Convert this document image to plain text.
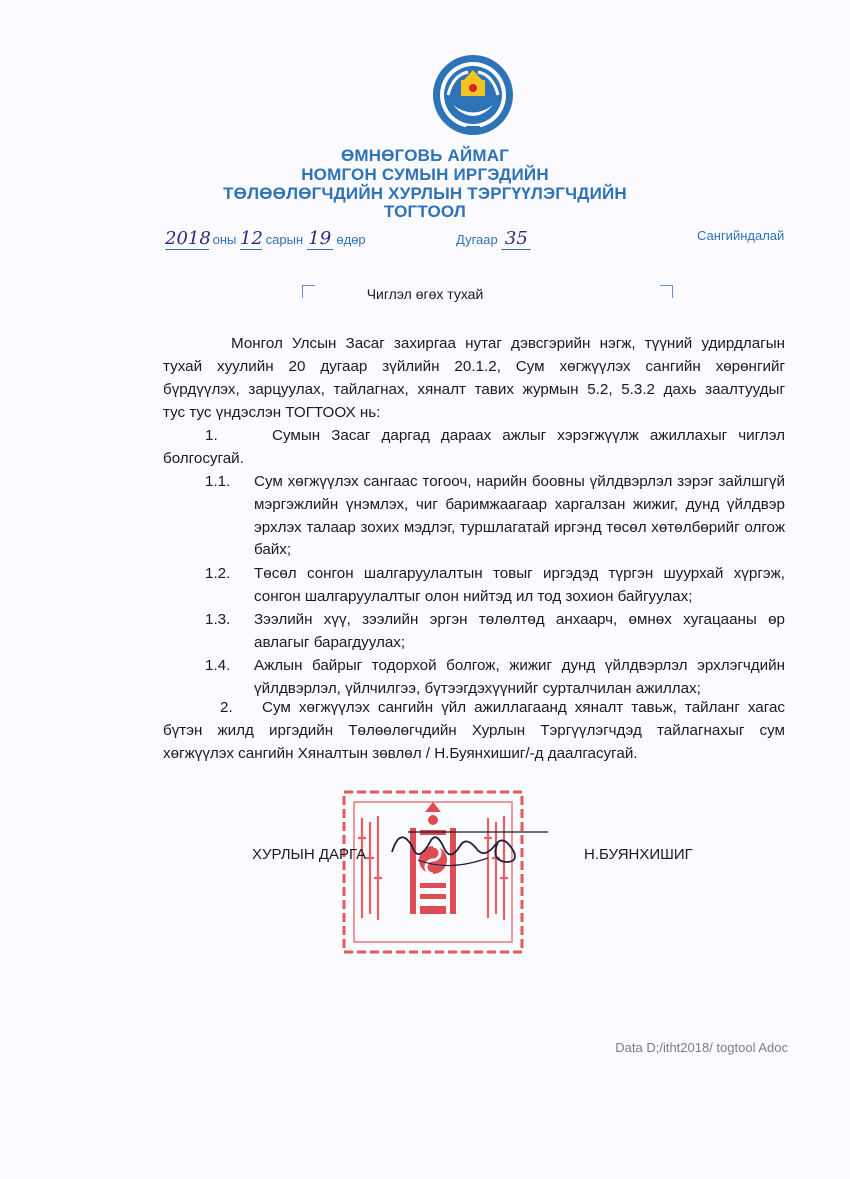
ӨМНӨГОВЬ АЙМАГ
НОМГОН СУМЫН ИРГЭДИЙН
ТӨЛӨӨЛӨГЧДИЙН ХУРЛЫН ТЭРГҮҮЛЭГЧДИЙН
ТОГТООЛ
2018 оны 12 сарын 19 өдөр	Дугаар 35	Сангийндалай
Чиглэл өгөх тухай
Монгол Улсын Засаг захиргаа нутаг дэвсгэрийн нэгж, түүний удирдлагын
тухай хуулийн 20 дугаар зүйлийн 20.1.2, Сум хөгжүүлэх сангийн хөрөнгийг
бүрдүүлэх, зарцуулах, тайлагнах, хяналт тавих журмын 5.2, 5.3.2 дахь заалтуудыг
тус тус үндэслэн ТОГТООХ нь:
1.	Сумын Засаг даргад дараах ажлыг хэрэгжүүлж ажиллахыг чиглэл
болгосугай.
1.1.	Сум хөгжүүлэх сангаас тогооч, нарийн боовны үйлдвэрлэл зэрэг зайлшгүй мэргэжлийн үнэмлэх, чиг баримжаагаар харгалзан жижиг, дунд үйлдвэр эрхлэх талаар зохих мэдлэг, туршлагатай иргэнд төсөл хөтөлбөрийг олгож байх;
1.2.	Төсөл сонгон шалгаруулалтын товыг иргэдэд түргэн шуурхай хүргэж, сонгон шалгаруулалтыг олон нийтэд ил тод зохион байгуулах;
1.3.	Зээлийн хүү, зээлийн эргэн төлөлтөд анхаарч, өмнөх хугацааны өр авлагыг барагдуулах;
1.4.	Ажлын байрыг тодорхой болгож, жижиг дунд үйлдвэрлэл эрхлэгчдийн үйлдвэрлэл, үйлчилгээ, бүтээгдэхүүнийг сурталчилан ажиллах;
2.	Сум хөгжүүлэх сангийн үйл ажиллагаанд хяналт тавьж, тайланг хагас
бүтэн жилд иргэдийн Төлөөлөгчдийн Хурлын Тэргүүлэгчдэд тайлагнахыг сум
хөгжүүлэх сангийн Хяналтын зөвлөл / Н.Буянхишиг/-д даалгасугай.
ХУРЛЫН ДАРГА	Н.БУЯНХИШИГ
Data D;/itht2018/ togtool Adoc
